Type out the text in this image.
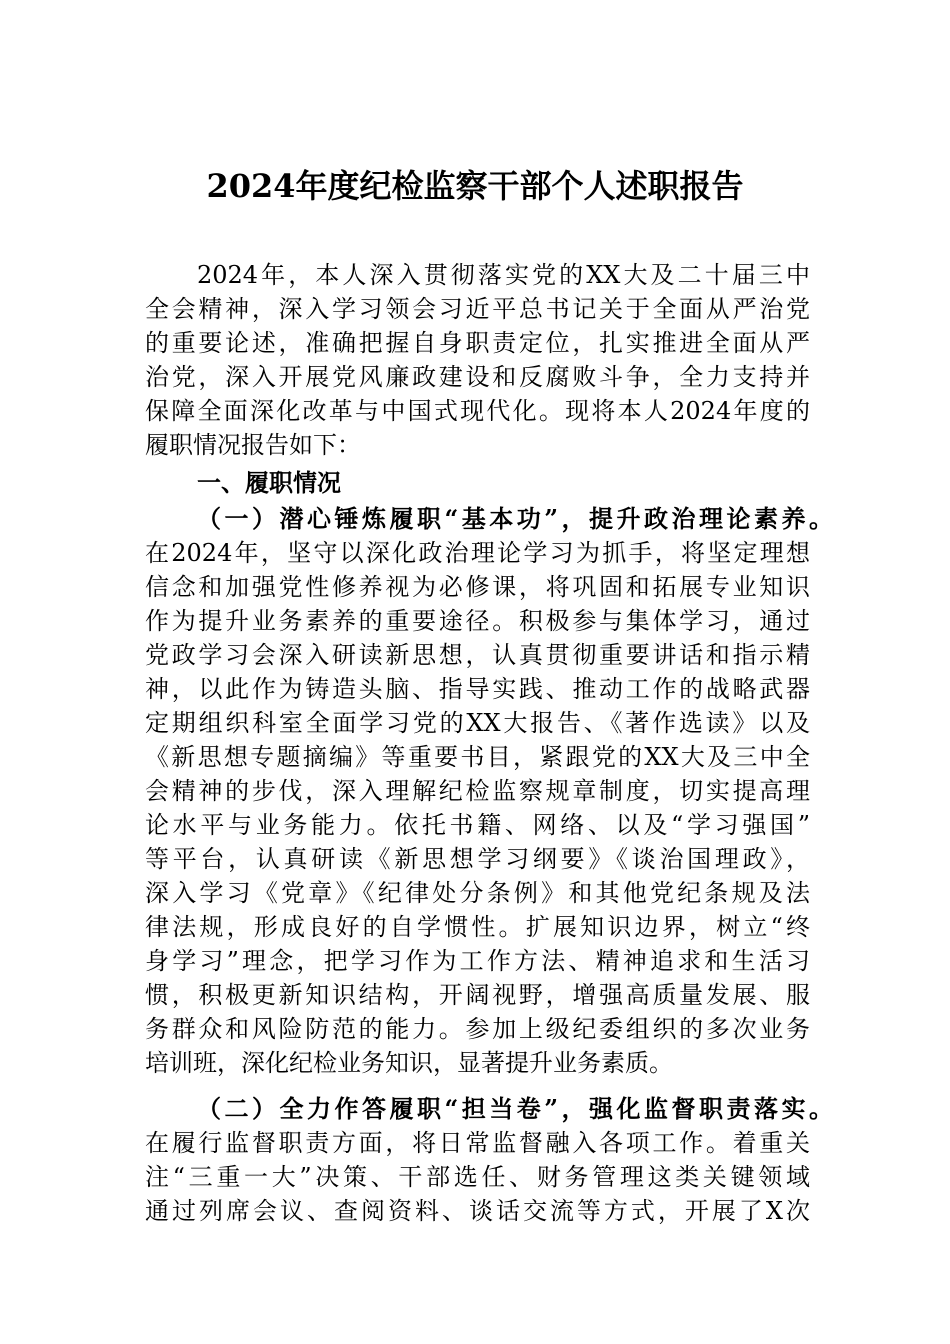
2024年度纪检监察干部个人述职报告
2024年，本人深入贯彻落实党的XX大及二十届三中
全会精神，深入学习领会习近平总书记关于全面从严治党
的重要论述，准确把握自身职责定位，扎实推进全面从严
治党，深入开展党风廉政建设和反腐败斗争，全力支持并
保障全面深化改革与中国式现代化。现将本人2024年度的
履职情况报告如下：
一、履职情况
（一）潜心锤炼履职“基本功”，提升政治理论素养。
在2024年，坚守以深化政治理论学习为抓手，将坚定理想
信念和加强党性修养视为必修课，将巩固和拓展专业知识
作为提升业务素养的重要途径。积极参与集体学习，通过
党政学习会深入研读新思想，认真贯彻重要讲话和指示精
神，以此作为铸造头脑、指导实践、推动工作的战略武器
定期组织科室全面学习党的XX大报告、《著作选读》以及
《新思想专题摘编》等重要书目，紧跟党的XX大及三中全
会精神的步伐，深入理解纪检监察规章制度，切实提高理
论水平与业务能力。依托书籍、网络、以及“学习强国”
等平台，认真研读《新思想学习纲要》《谈治国理政》，
深入学习《党章》《纪律处分条例》和其他党纪条规及法
律法规，形成良好的自学惯性。扩展知识边界，树立“终
身学习”理念，把学习作为工作方法、精神追求和生活习
惯，积极更新知识结构，开阔视野，增强高质量发展、服
务群众和风险防范的能力。参加上级纪委组织的多次业务
培训班，深化纪检业务知识，显著提升业务素质。
（二）全力作答履职“担当卷”，强化监督职责落实。
在履行监督职责方面，将日常监督融入各项工作。着重关
注“三重一大”决策、干部选任、财务管理这类关键领域
通过列席会议、查阅资料、谈话交流等方式，开展了X次
